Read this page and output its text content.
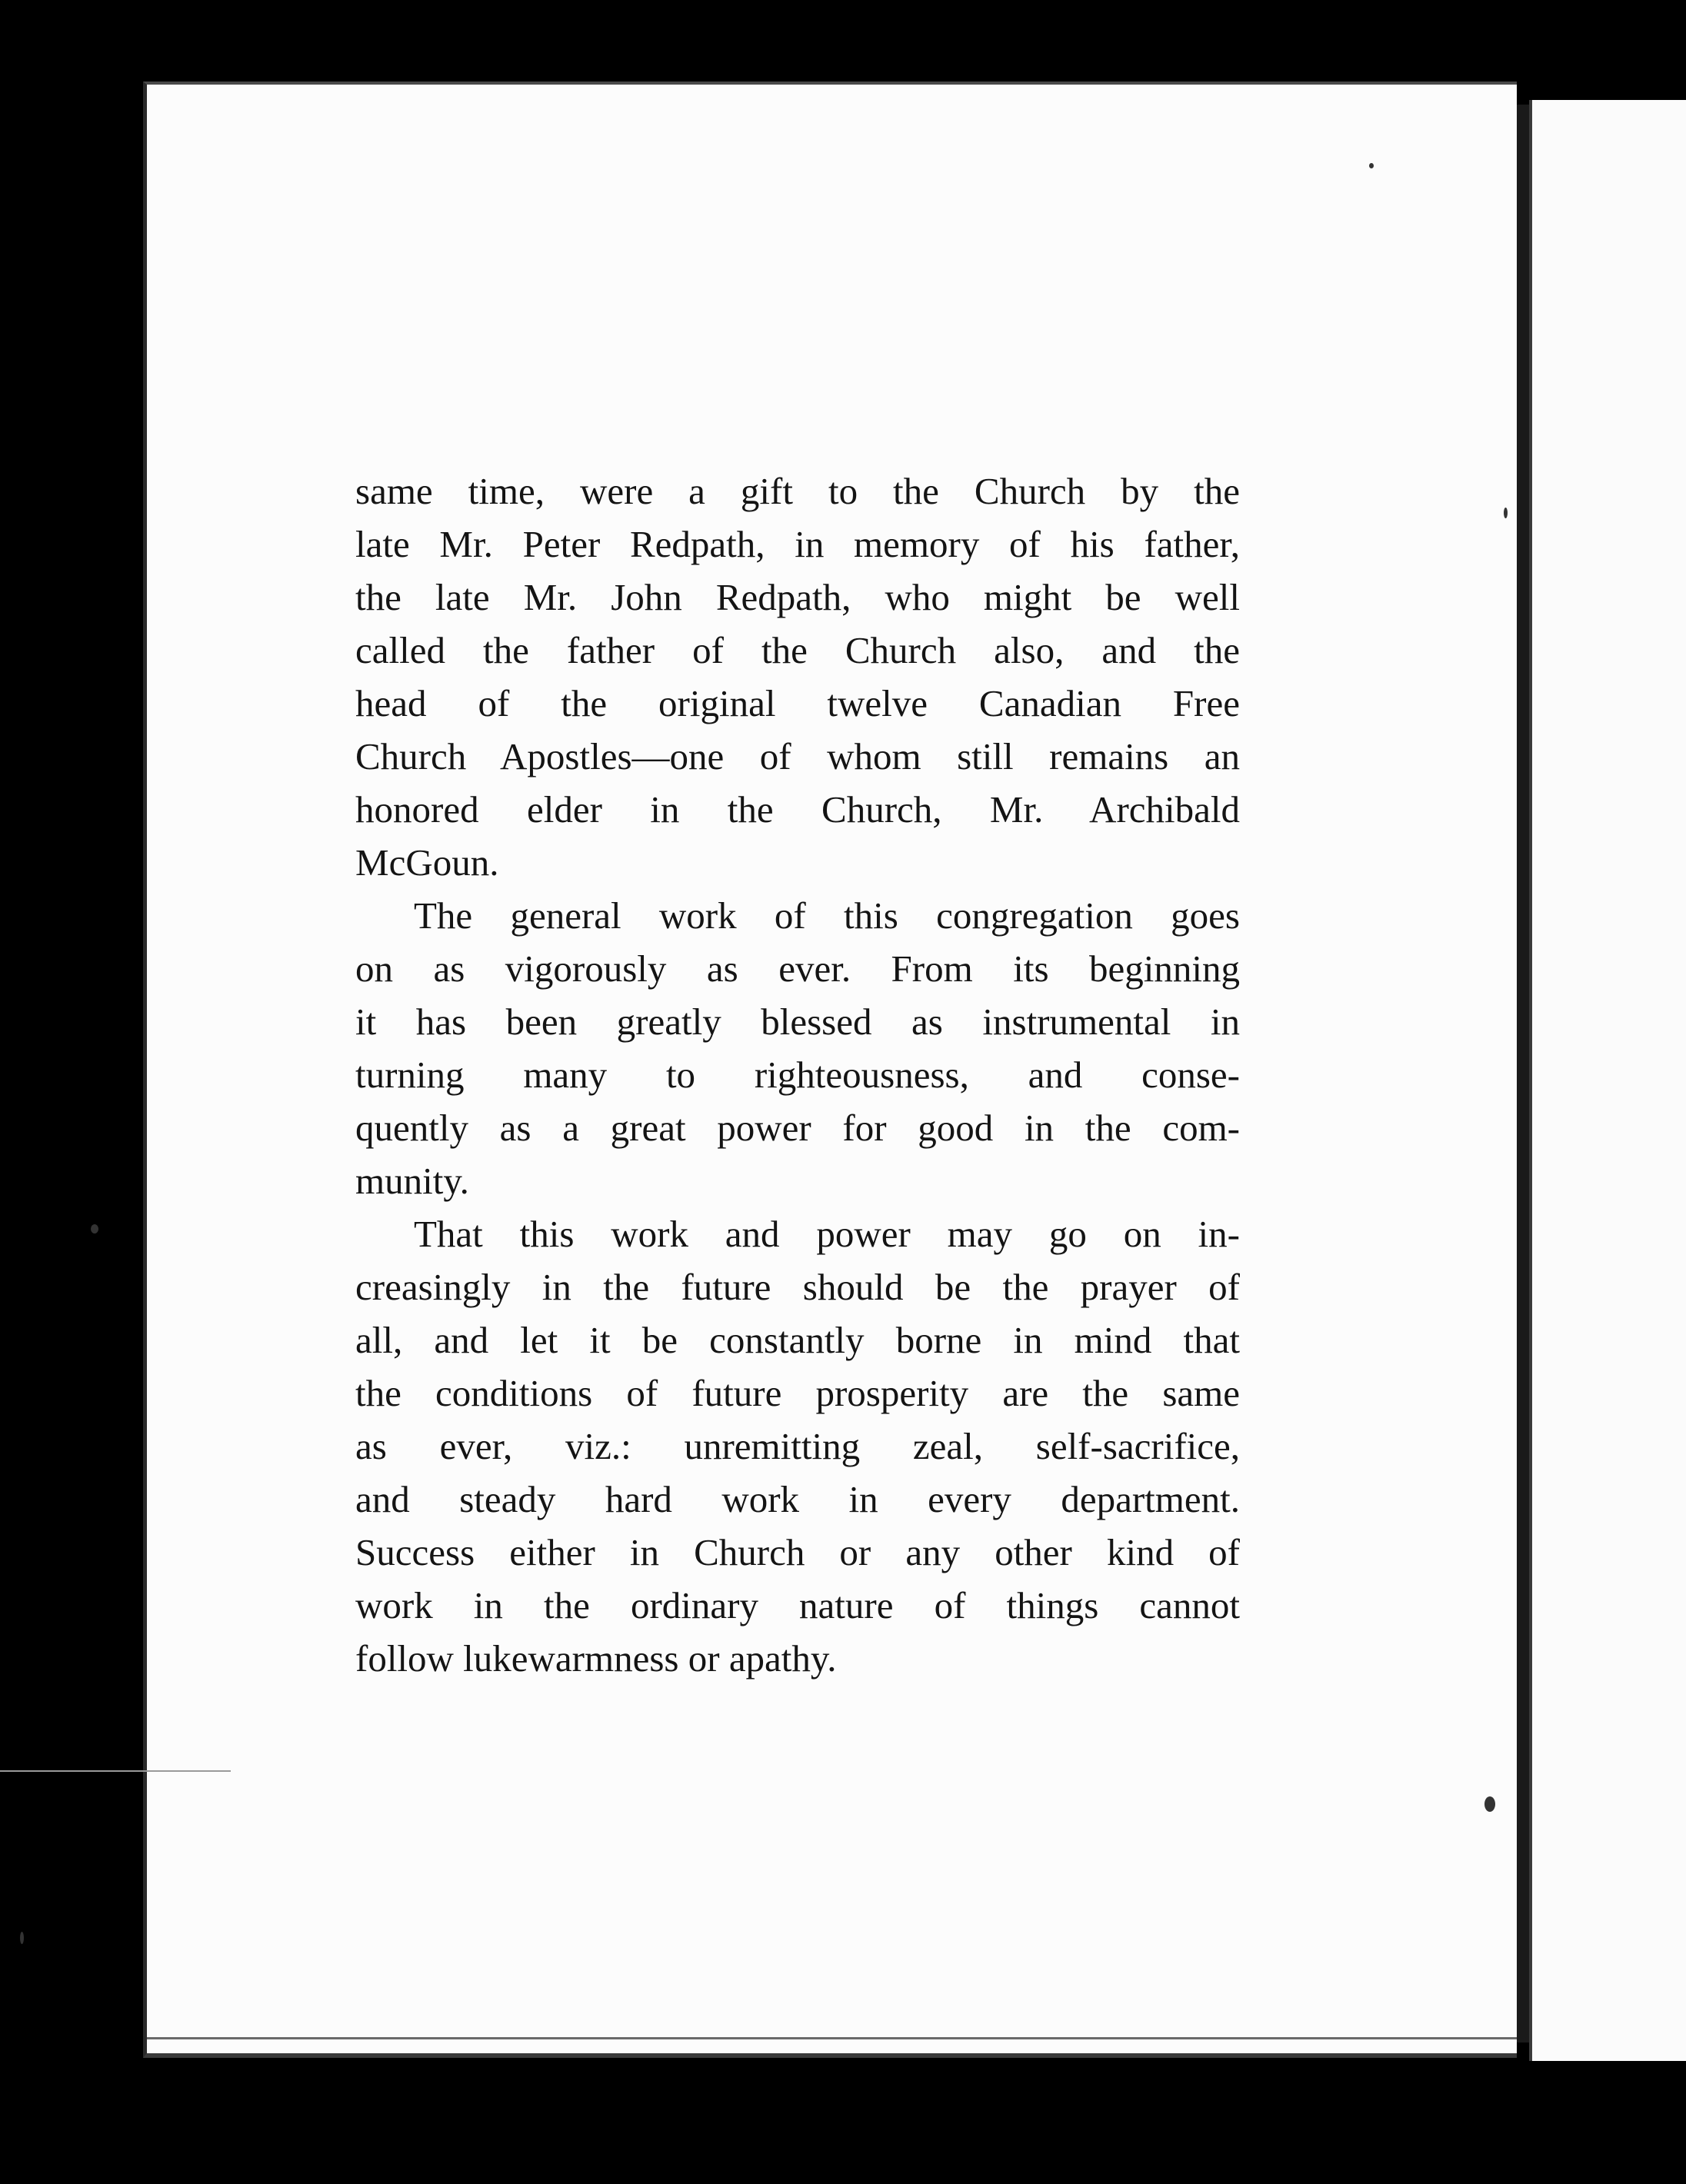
same time, were a gift to the Church by the
late Mr. Peter Redpath, in memory of his father,
the late Mr. John Redpath, who might be well
called the father of the Church also, and the
head of the original twelve Canadian Free
Church Apostles—one of whom still remains an
honored elder in the Church, Mr. Archibald
McGoun.
The general work of this congregation goes
on as vigorously as ever. From its beginning
it has been greatly blessed as instrumental in
turning many to righteousness, and conse-
quently as a great power for good in the com-
munity.
That this work and power may go on in-
creasingly in the future should be the prayer of
all, and let it be constantly borne in mind that
the conditions of future prosperity are the same
as ever, viz.: unremitting zeal, self-sacrifice,
and steady hard work in every department.
Success either in Church or any other kind of
work in the ordinary nature of things cannot
follow lukewarmness or apathy.
